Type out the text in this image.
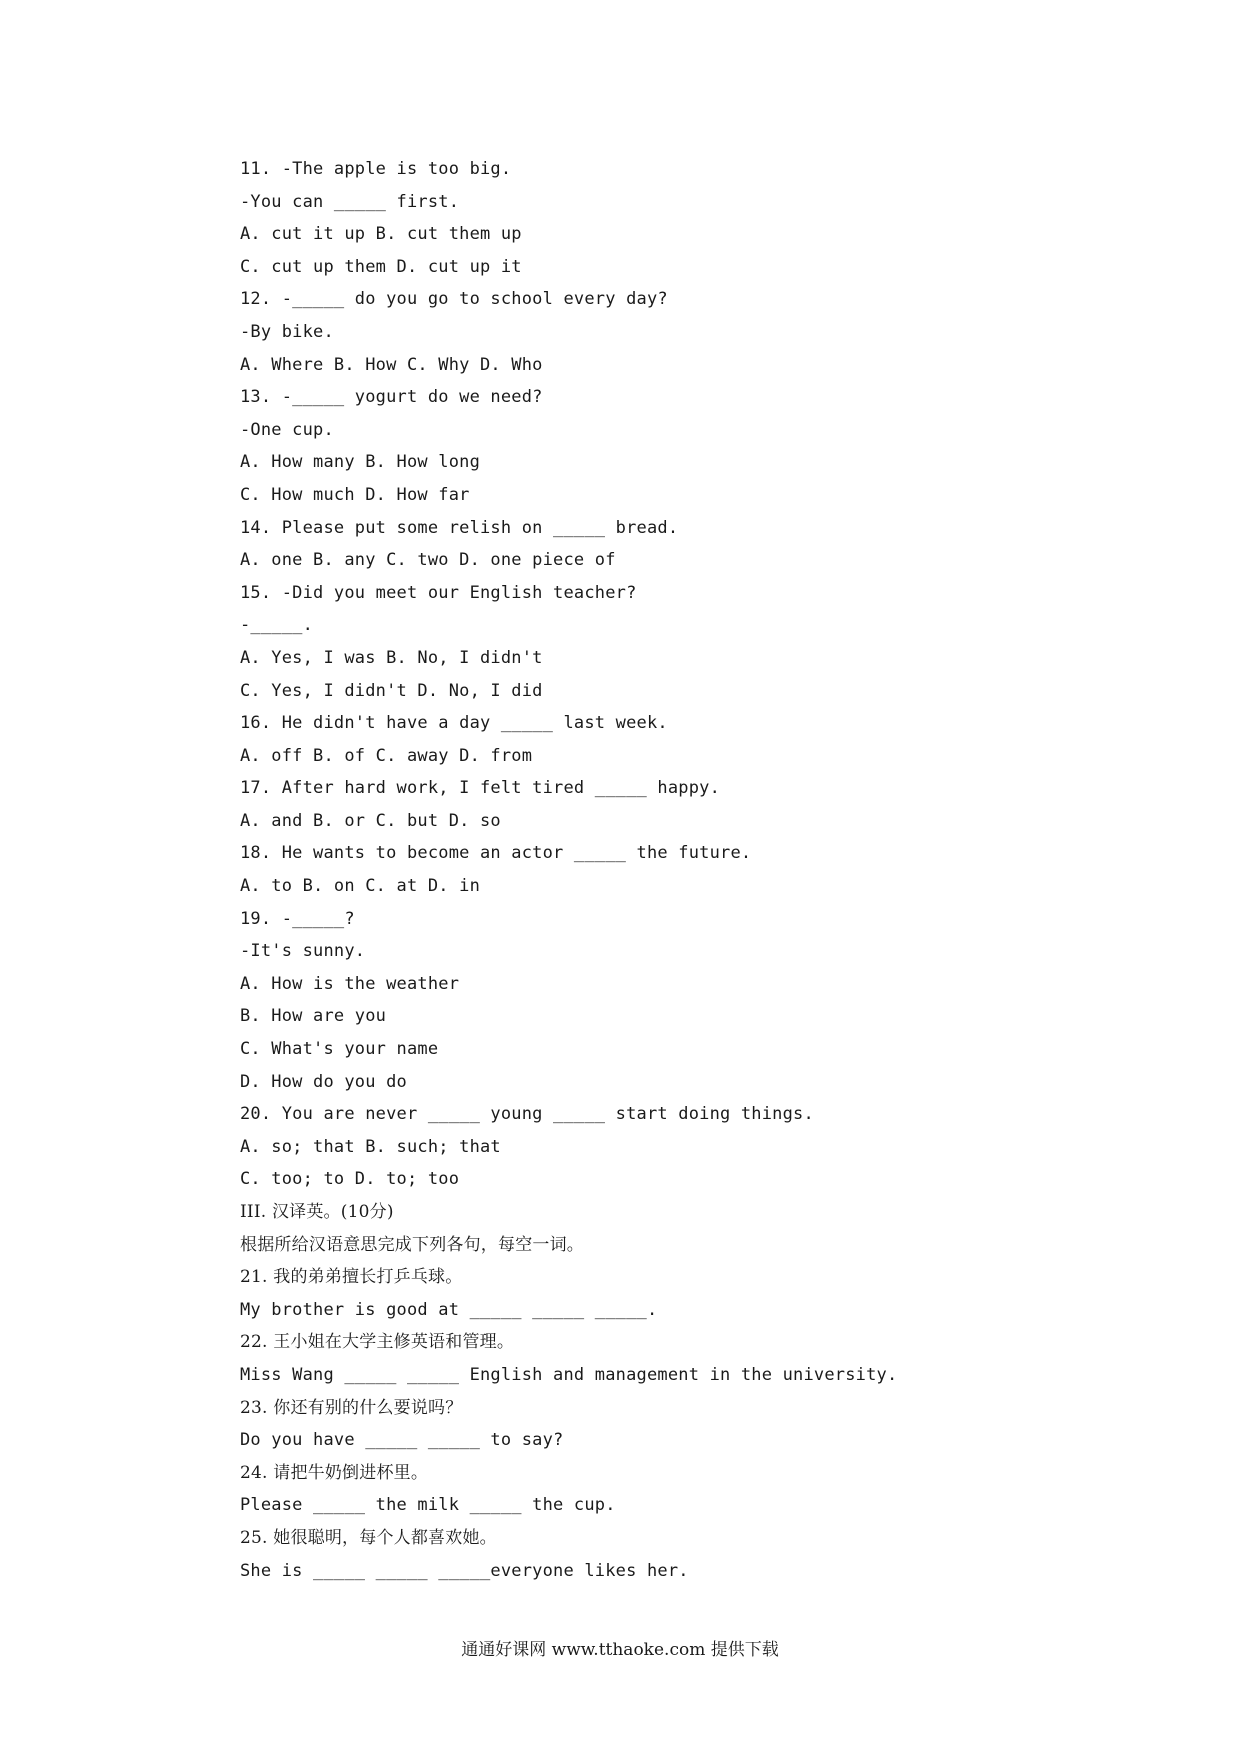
11. -The apple is too big.
-You can _____ first.
A. cut it up B. cut them up
C. cut up them D. cut up it
12. -_____ do you go to school every day?
-By bike.
A. Where B. How C. Why D. Who
13. -_____ yogurt do we need?
-One cup.
A. How many B. How long
C. How much D. How far
14. Please put some relish on _____ bread.
A. one B. any C. two D. one piece of
15. -Did you meet our English teacher?
-_____.
A. Yes, I was B. No, I didn't
C. Yes, I didn't D. No, I did
16. He didn't have a day _____ last week.
A. off B. of C. away D. from
17. After hard work, I felt tired _____ happy.
A. and B. or C. but D. so
18. He wants to become an actor _____ the future.
A. to B. on C. at D. in
19. -_____?
-It's sunny.
A. How is the weather
B. How are you
C. What's your name
D. How do you do
20. You are never _____ young _____ start doing things.
A. so; that B. such; that
C. too; to D. to; too
III. 汉译英。(10分)
根据所给汉语意思完成下列各句，每空一词。
21. 我的弟弟擅长打乒乓球。
My brother is good at _____ _____ _____.
22. 王小姐在大学主修英语和管理。
Miss Wang _____ _____ English and management in the university.
23. 你还有别的什么要说吗？
Do you have _____ _____ to say?
24. 请把牛奶倒进杯里。
Please _____ the milk _____ the cup.
25. 她很聪明，每个人都喜欢她。
She is _____ _____ _____everyone likes her.
通通好课网 www.tthaoke.com 提供下载
